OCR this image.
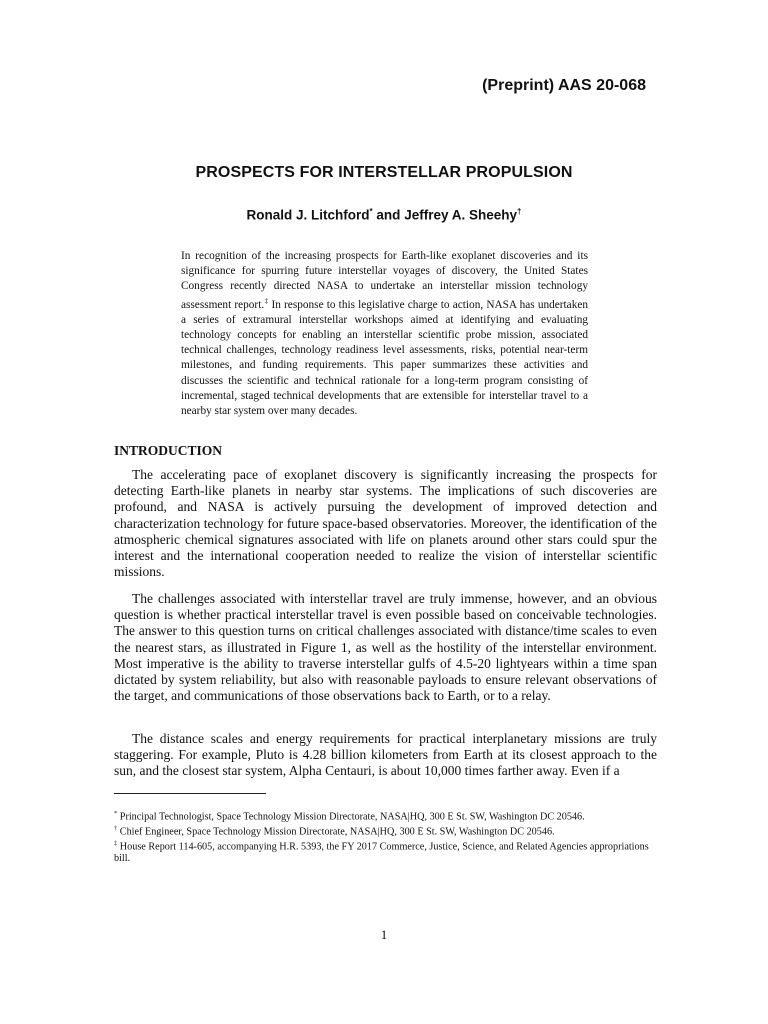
(Preprint) AAS 20-068
PROSPECTS FOR INTERSTELLAR PROPULSION
Ronald J. Litchford* and Jeffrey A. Sheehy†
In recognition of the increasing prospects for Earth-like exoplanet discoveries and its significance for spurring future interstellar voyages of discovery, the United States Congress recently directed NASA to undertake an interstellar mission technology assessment report.‡ In response to this legislative charge to action, NASA has undertaken a series of extramural interstellar workshops aimed at identifying and evaluating technology concepts for enabling an interstellar scientific probe mission, associated technical challenges, technology readiness level assessments, risks, potential near-term milestones, and funding requirements. This paper summarizes these activities and discusses the scientific and technical rationale for a long-term program consisting of incremental, staged technical developments that are extensible for interstellar travel to a nearby star system over many decades.
INTRODUCTION

The accelerating pace of exoplanet discovery is significantly increasing the prospects for detecting Earth-like planets in nearby star systems. The implications of such discoveries are profound, and NASA is actively pursuing the development of improved detection and characterization technology for future space-based observatories. Moreover, the identification of the atmospheric chemical signatures associated with life on planets around other stars could spur the interest and the international cooperation needed to realize the vision of interstellar scientific missions.

The challenges associated with interstellar travel are truly immense, however, and an obvious question is whether practical interstellar travel is even possible based on conceivable technologies. The answer to this question turns on critical challenges associated with distance/time scales to even the nearest stars, as illustrated in Figure 1, as well as the hostility of the interstellar environment. Most imperative is the ability to traverse interstellar gulfs of 4.5-20 lightyears within a time span dictated by system reliability, but also with reasonable payloads to ensure relevant observations of the target, and communications of those observations back to Earth, or to a relay.

The distance scales and energy requirements for practical interplanetary missions are truly staggering. For example, Pluto is 4.28 billion kilometers from Earth at its closest approach to the sun, and the closest star system, Alpha Centauri, is about 10,000 times farther away. Even if a

* Principal Technologist, Space Technology Mission Directorate, NASA|HQ, 300 E St. SW, Washington DC 20546.

† Chief Engineer, Space Technology Mission Directorate, NASA|HQ, 300 E St. SW, Washington DC 20546.

‡ House Report 114-605, accompanying H.R. 5393, the FY 2017 Commerce, Justice, Science, and Related Agencies appropriations bill.

1
